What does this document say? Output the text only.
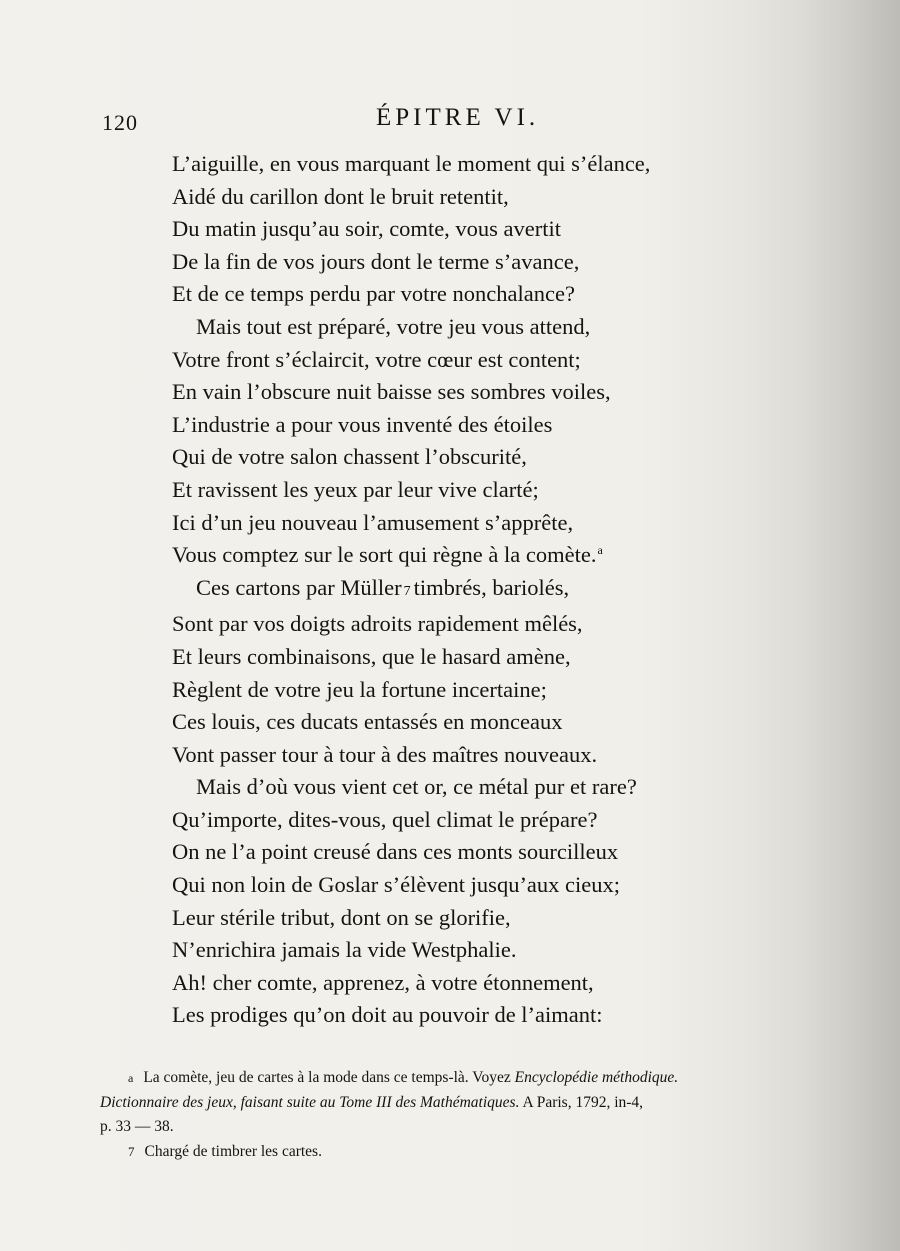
120	ÉPITRE VI.
L’aiguille, en vous marquant le moment qui s’élance,
Aidé du carillon dont le bruit retentit,
Du matin jusqu’au soir, comte, vous avertit
De la fin de vos jours dont le terme s’avance,
Et de ce temps perdu par votre nonchalance?
Mais tout est préparé, votre jeu vous attend,
Votre front s’éclaircit, votre cœur est content;
En vain l’obscure nuit baisse ses sombres voiles,
L’industrie a pour vous inventé des étoiles
Qui de votre salon chassent l’obscurité,
Et ravissent les yeux par leur vive clarté;
Ici d’un jeu nouveau l’amusement s’apprête,
Vous comptez sur le sort qui règne à la comète.$^a$
Ces cartons par Müller 7 timbrés, bariolés,
Sont par vos doigts adroits rapidement mêlés,
Et leurs combinaisons, que le hasard amène,
Règlent de votre jeu la fortune incertaine;
Ces louis, ces ducats entassés en monceaux
Vont passer tour à tour à des maîtres nouveaux.
Mais d’où vous vient cet or, ce métal pur et rare?
Qu’importe, dites-vous, quel climat le prépare?
On ne l’a point creusé dans ces monts sourcilleux
Qui non loin de Goslar s’élèvent jusqu’aux cieux;
Leur stérile tribut, dont on se glorifie,
N’enrichira jamais la vide Westphalie.
Ah! cher comte, apprenez, à votre étonnement,
Les prodiges qu’on doit au pouvoir de l’aimant:
a La comète, jeu de cartes à la mode dans ce temps-là. Voyez Encyclopédie méthodique.
Dictionnaire des jeux, faisant suite au Tome III des Mathématiques. A Paris, 1792, in-4,
p. 33 — 38.
7 Chargé de timbrer les cartes.
